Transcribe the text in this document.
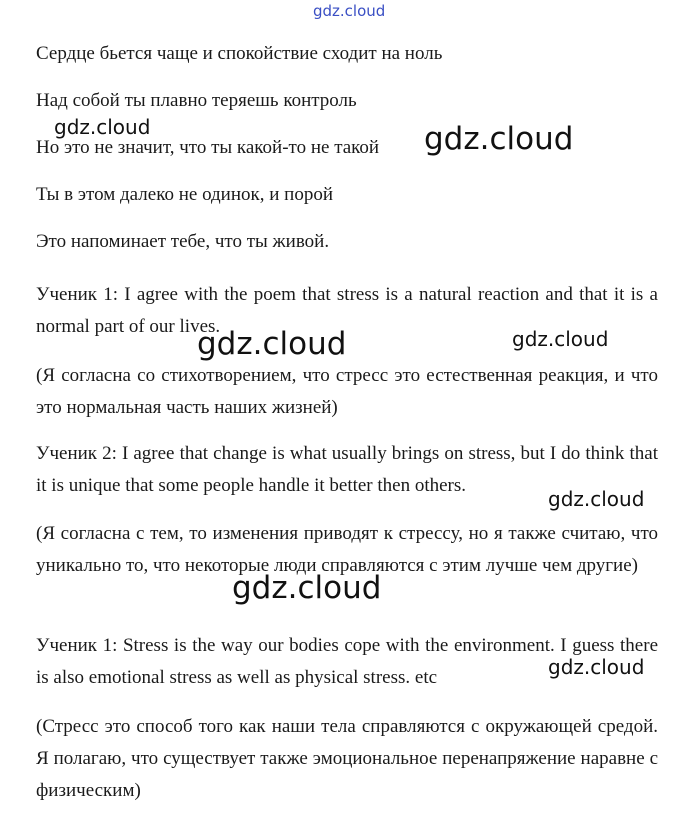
gdz.cloud
Сердце бьется чаще и спокойствие сходит на ноль
Над собой ты плавно теряешь контроль
Но это не значит, что ты какой-то не такой
Ты в этом далеко не одинок, и порой
Это напоминает тебе, что ты живой.
Ученик 1: I agree with the poem that stress is a natural reaction and that it is a normal part of our lives.
(Я согласна со стихотворением, что стресс это естественная реакция, и что это нормальная часть наших жизней)
Ученик 2: I agree that change is what usually brings on stress, but I do think that it is unique that some people handle it better then others.
(Я согласна с тем, то изменения приводят к стрессу, но я также считаю, что уникально то, что некоторые люди справляются с этим лучше чем другие)
Ученик 1: Stress is the way our bodies cope with the environment. I guess there is also emotional stress as well as physical stress. etc
(Стресс это способ того как наши тела справляются с окружающей средой. Я полагаю, что существует также эмоциональное перенапряжение наравне с физическим)
gdz.cloud	gdz.cloud
gdz.cloud	gdz.cloud
gdz.cloud
gdz.cloud
gdz.cloud
